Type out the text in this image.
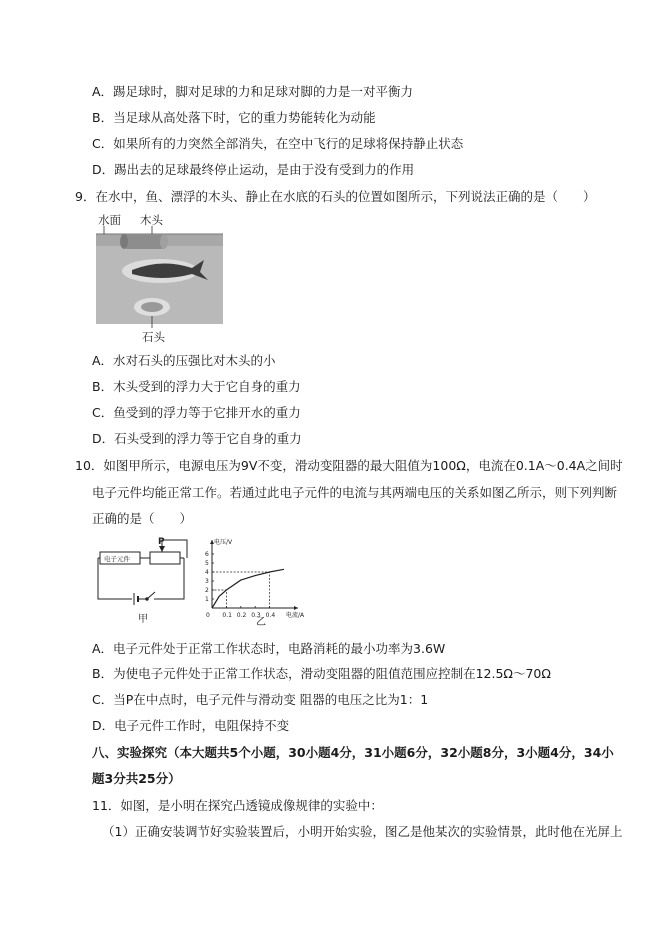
A．踢足球时，脚对足球的力和足球对脚的力是一对平衡力
B．当足球从高处落下时，它的重力势能转化为动能
C．如果所有的力突然全部消失，在空中飞行的足球将保持静止状态
D．踢出去的足球最终停止运动，是由于没有受到力的作用
9．在水中，鱼、漂浮的木头、静止在水底的石头的位置如图所示，下列说法正确的是（　　）
水面 木头
石头
A．水对石头的压强比对木头的小
B．木头受到的浮力大于它自身的重力
C．鱼受到的浮力等于它排开水的重力
D．石头受到的浮力等于它自身的重力
10．如图甲所示，电源电压为9V不变，滑动变阻器的最大阻值为100Ω，电流在0.1A～0.4A之间时
电子元件均能正常工作。若通过此电子元件的电流与其两端电压的关系如图乙所示，则下列判断
正确的是（　　）
电子元件
P
甲
电压/V
电流/A
0 0.1 0.2 0.3 0.4
1
2
3
4
5
6
乙
A．电子元件处于正常工作状态时，电路消耗的最小功率为3.6W
B．为使电子元件处于正常工作状态，滑动变阻器的阻值范围应控制在12.5Ω～70Ω
C．当P在中点时，电子元件与滑动变 阻器的电压之比为1：1
D．电子元件工作时，电阻保持不变
八、实验探究（本大题共5个小题，30小题4分，31小题6分，32小题8分，3小题4分，34小
题3分共25分）
11．如图，是小明在探究凸透镜成像规律的实验中：
（1）正确安装调节好实验装置后，小明开始实验，图乙是他某次的实验情景，此时他在光屏上
